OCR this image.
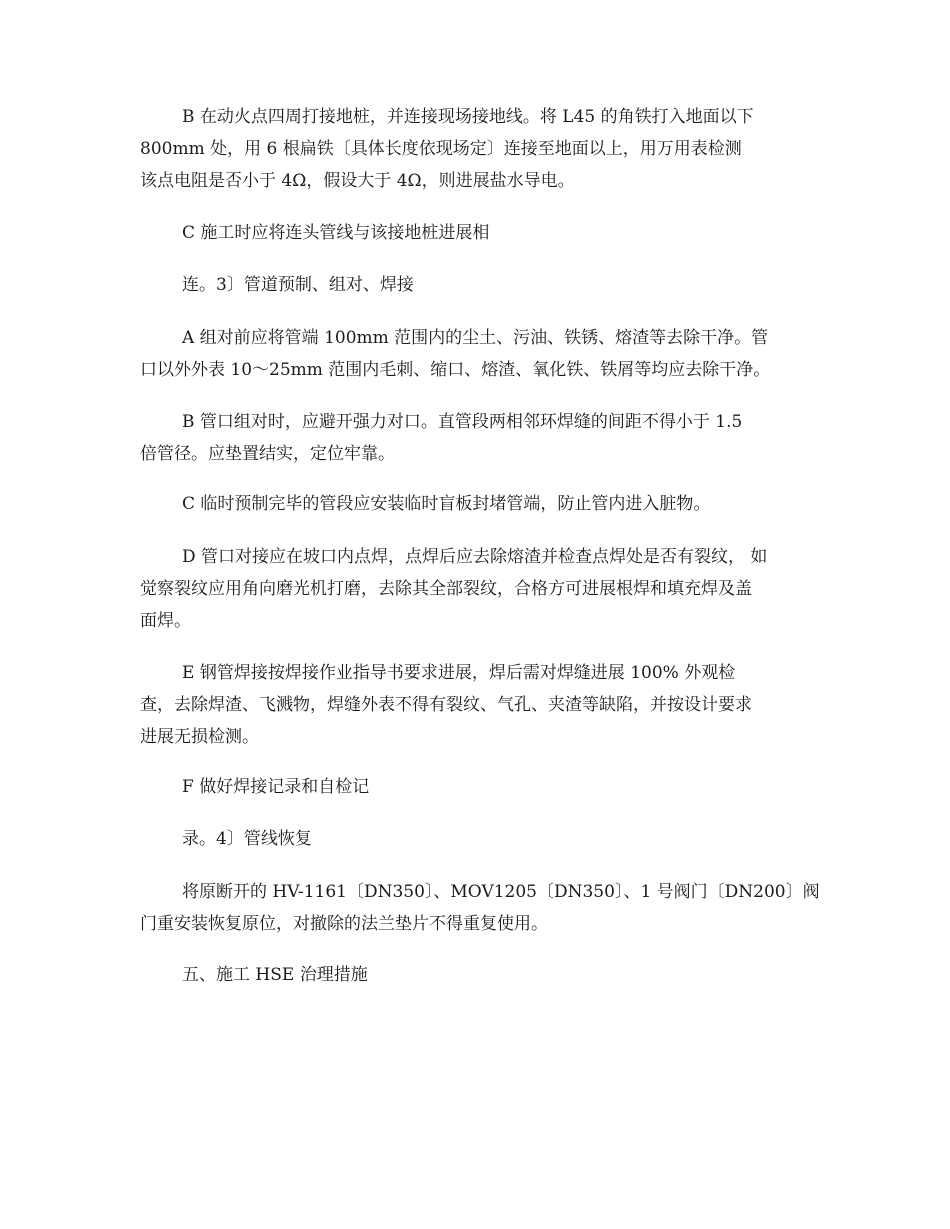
B 在动火点四周打接地桩，并连接现场接地线。将 L45 的角铁打入地面以下
800mm 处，用 6 根扁铁〔具体长度依现场定〕连接至地面以上，用万用表检测
该点电阻是否小于 4Ω，假设大于 4Ω，则进展盐水导电。

C 施工时应将连头管线与该接地桩进展相

连。3〕管道预制、组对、焊接

A 组对前应将管端 100mm 范围内的尘土、污油、铁锈、熔渣等去除干净。管
口以外外表 10～25mm 范围内毛刺、缩口、熔渣、氧化铁、铁屑等均应去除干净。

B 管口组对时，应避开强力对口。直管段两相邻环焊缝的间距不得小于 1.5
倍管径。应垫置结实，定位牢靠。

C 临时预制完毕的管段应安装临时盲板封堵管端，防止管内进入脏物。

D 管口对接应在坡口内点焊，点焊后应去除熔渣并检查点焊处是否有裂纹， 如
觉察裂纹应用角向磨光机打磨，去除其全部裂纹，合格方可进展根焊和填充焊及盖
面焊。

E 钢管焊接按焊接作业指导书要求进展，焊后需对焊缝进展 100% 外观检
查，去除焊渣、飞溅物，焊缝外表不得有裂纹、气孔、夹渣等缺陷，并按设计要求
进展无损检测。

F 做好焊接记录和自检记

录。4〕管线恢复

将原断开的 HV-1161〔DN350〕、MOV1205〔DN350〕、1 号阀门〔DN200〕阀
门重安装恢复原位，对撤除的法兰垫片不得重复使用。

五、施工 HSE 治理措施
